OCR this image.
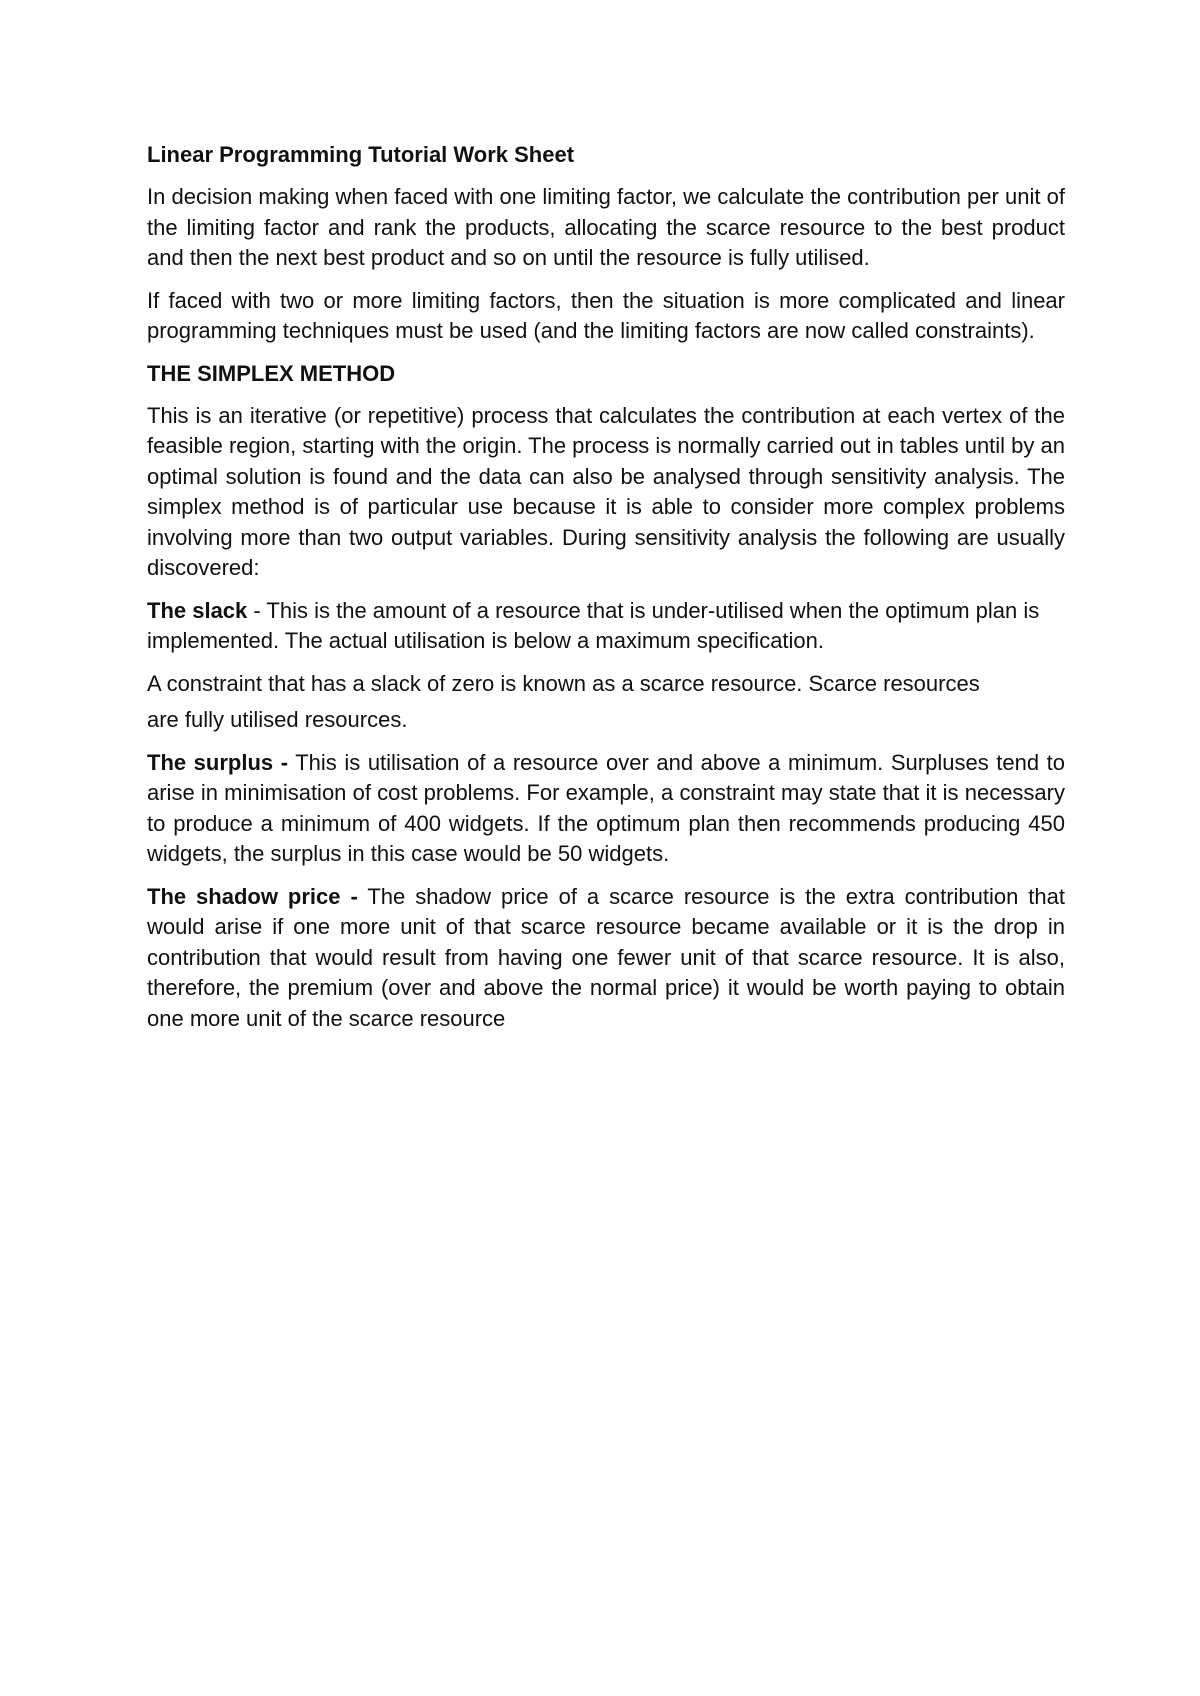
Linear Programming Tutorial Work Sheet

In decision making when faced with one limiting factor, we calculate the contribution per unit of the limiting factor and rank the products, allocating the scarce resource to the best product and then the next best product and so on until the resource is fully utilised.

If faced with two or more limiting factors, then the situation is more complicated and linear programming techniques must be used (and the limiting factors are now called constraints).

THE SIMPLEX METHOD

This is an iterative (or repetitive) process that calculates the contribution at each vertex of the feasible region, starting with the origin. The process is normally carried out in tables until by an optimal solution is found and the data can also be analysed through sensitivity analysis. The simplex method is of particular use because it is able to consider more complex problems involving more than two output variables. During sensitivity analysis the following are usually discovered:

The slack - This is the amount of a resource that is under-utilised when the optimum plan is implemented. The actual utilisation is below a maximum specification.

A constraint that has a slack of zero is known as a scarce resource. Scarce resources

are fully utilised resources.

The surplus - This is utilisation of a resource over and above a minimum. Surpluses tend to arise in minimisation of cost problems. For example, a constraint may state that it is necessary to produce a minimum of 400 widgets. If the optimum plan then recommends producing 450 widgets, the surplus in this case would be 50 widgets.

The shadow price - The shadow price of a scarce resource is the extra contribution that would arise if one more unit of that scarce resource became available or it is the drop in contribution that would result from having one fewer unit of that scarce resource. It is also, therefore, the premium (over and above the normal price) it would be worth paying to obtain one more unit of the scarce resource
